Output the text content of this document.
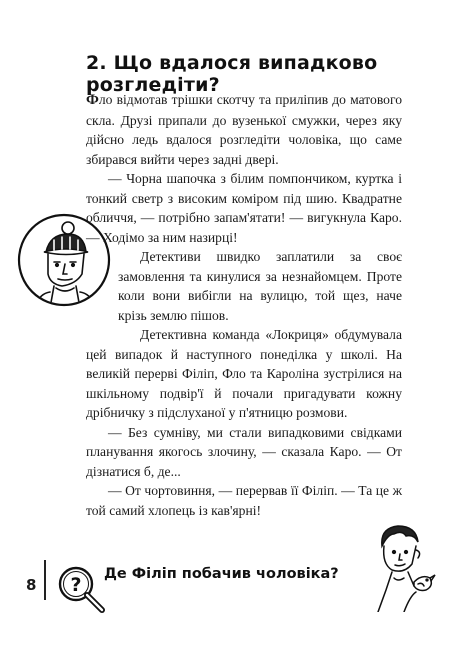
2. Що вдалося випадково розгледіти?

Фло відмотав трішки скотчу та приліпив до матового скла. Друзі припали до вузенької смужки, через яку дійсно ледь вдалося розгледіти чоловіка, що саме збирався вийти через задні двері.

— Чорна шапочка з білим помпончиком, куртка і тонкий светр з високим коміром під шию. Квадратне обличчя, — потрібно запам'ятати! — вигукнула Каро. — Ходімо за ним назирці!

Детективи швидко заплатили за своє замовлення та кинулися за незнайомцем. Проте коли вони вибігли на вулицю, той щез, наче крізь землю пішов.

Детективна команда «Локриця» обдумувала цей випадок й наступного понеділка у школі. На великій перерві Філіп, Фло та Кароліна зустрілися на шкільному подвір'ї й почали пригадувати кожну дрібничку з підслуханої у п'ятницю розмови.

— Без сумніву, ми стали випадковими свідками планування якогось злочину, — сказала Каро. — От дізнатися б, де...

— От чортовиння, — перервав її Філіп. — Та це ж той самий хлопець із кав'ярні!

8 ? Де Філіп побачив чоловіка?
